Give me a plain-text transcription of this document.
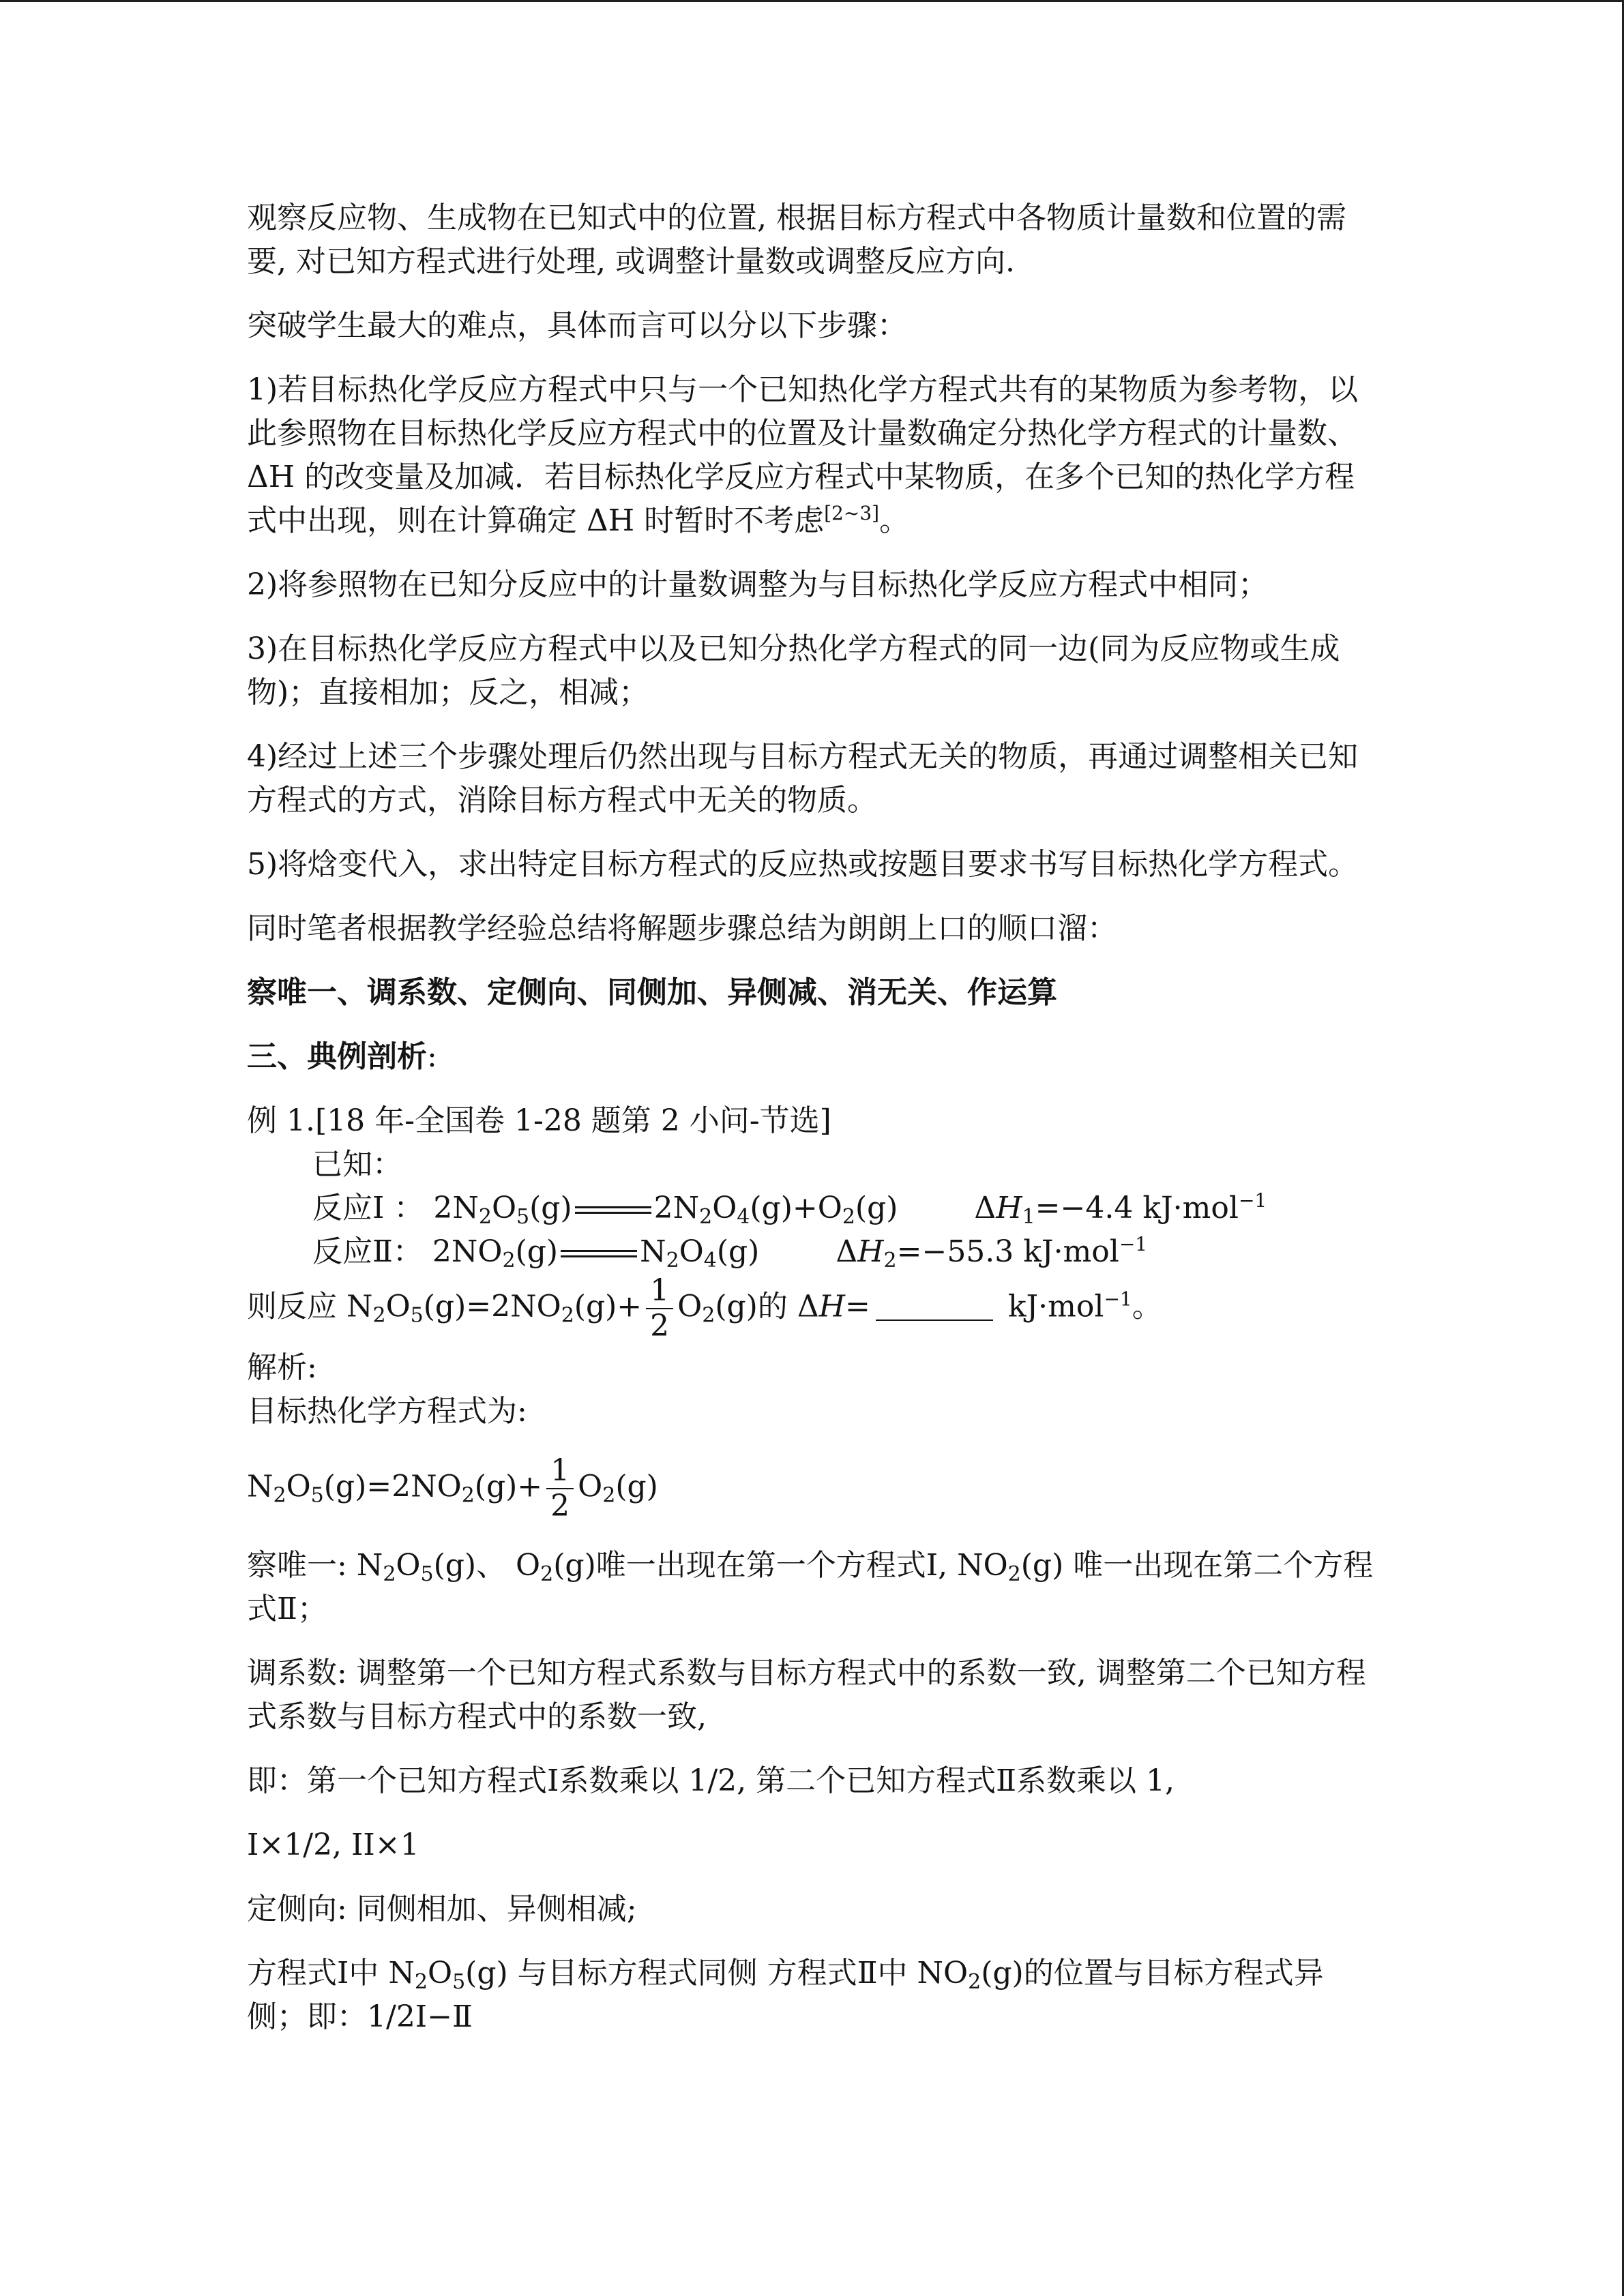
观察反应物、生成物在已知式中的位置, 根据目标方程式中各物质计量数和位置的需要, 对已知方程式进行处理, 或调整计量数或调整反应方向.

突破学生最大的难点，具体而言可以分以下步骤：

1)若目标热化学反应方程式中只与一个已知热化学方程式共有的某物质为参考物，以此参照物在目标热化学反应方程式中的位置及计量数确定分热化学方程式的计量数、ΔH 的改变量及加减．若目标热化学反应方程式中某物质，在多个已知的热化学方程式中出现，则在计算确定 ΔH 时暂时不考虑[2~3]。

2)将参照物在已知分反应中的计量数调整为与目标热化学反应方程式中相同；

3)在目标热化学反应方程式中以及已知分热化学方程式的同一边(同为反应物或生成物)；直接相加；反之，相减；

4)经过上述三个步骤处理后仍然出现与目标方程式无关的物质，再通过调整相关已知方程式的方式，消除目标方程式中无关的物质。

5)将焓变代入，求出特定目标方程式的反应热或按题目要求书写目标热化学方程式。

同时笔者根据教学经验总结将解题步骤总结为朗朗上口的顺口溜：

察唯一、调系数、定侧向、同侧加、异侧减、消无关、作运算

三、典例剖析:

例 1.[18 年-全国卷 1-28 题第 2 小问-节选]

已知：

反应Ⅰ ： $2N_2O_5(g)$	$2N_2O_4(g)+O_2(g)$	$\Delta H_1=-4.4$ kJ·mol$^{-1}$

反应Ⅱ： $2NO_2(g)$	$N_2O_4(g)$	$\Delta H_2=-55.3$ kJ·mol$^{-1}$

则反应 $N_2O_5(g)=2NO_2(g)+ \frac{1}{2} O_2(g)$的 ΔH=	kJ·mol$^{-1}$。

解析:

目标热化学方程式为:

$N_2O_5(g)=2NO_2(g)+ \frac{1}{2} O_2(g)$

察唯一: $N_2O_5(g)$、 $O_2(g)$唯一出现在第一个方程式Ⅰ, $NO_2(g)$ 唯一出现在第二个方程式Ⅱ；

调系数: 调整第一个已知方程式系数与目标方程式中的系数一致, 调整第二个已知方程式系数与目标方程式中的系数一致,

即：第一个已知方程式Ⅰ系数乘以 1/2, 第二个已知方程式Ⅱ系数乘以 1,

I×1/2, ΙΙ×1

定侧向: 同侧相加、异侧相减;

方程式Ⅰ中 $N_2O_5(g)$ 与目标方程式同侧 方程式Ⅱ中 $NO_2(g)$的位置与目标方程式异侧；即：1/2I−Ⅱ
